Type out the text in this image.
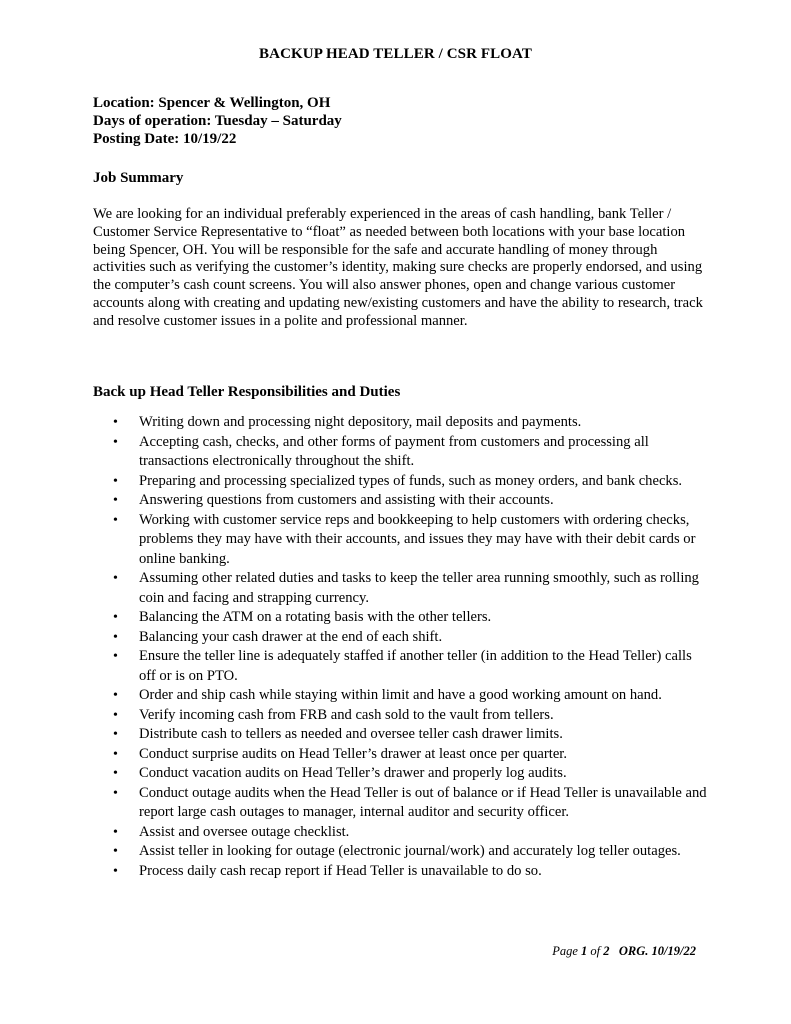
BACKUP HEAD TELLER / CSR FLOAT
Location: Spencer & Wellington, OH
Days of operation: Tuesday – Saturday
Posting Date: 10/19/22
Job Summary

We are looking for an individual preferably experienced in the areas of cash handling, bank Teller / Customer Service Representative to “float” as needed between both locations with your base location being Spencer, OH. You will be responsible for the safe and accurate handling of money through activities such as verifying the customer’s identity, making sure checks are properly endorsed, and using the computer’s cash count screens. You will also answer phones, open and change various customer accounts along with creating and updating new/existing customers and have the ability to research, track and resolve customer issues in a polite and professional manner.

Back up Head Teller Responsibilities and Duties
• Writing down and processing night depository, mail deposits and payments.
• Accepting cash, checks, and other forms of payment from customers and processing all transactions electronically throughout the shift.
• Preparing and processing specialized types of funds, such as money orders, and bank checks.
• Answering questions from customers and assisting with their accounts.
• Working with customer service reps and bookkeeping to help customers with ordering checks, problems they may have with their accounts, and issues they may have with their debit cards or online banking.
• Assuming other related duties and tasks to keep the teller area running smoothly, such as rolling coin and facing and strapping currency.
• Balancing the ATM on a rotating basis with the other tellers.
• Balancing your cash drawer at the end of each shift.
• Ensure the teller line is adequately staffed if another teller (in addition to the Head Teller) calls off or is on PTO.
• Order and ship cash while staying within limit and have a good working amount on hand.
• Verify incoming cash from FRB and cash sold to the vault from tellers.
• Distribute cash to tellers as needed and oversee teller cash drawer limits.
• Conduct surprise audits on Head Teller’s drawer at least once per quarter.
• Conduct vacation audits on Head Teller’s drawer and properly log audits.
• Conduct outage audits when the Head Teller is out of balance or if Head Teller is unavailable and report large cash outages to manager, internal auditor and security officer.
• Assist and oversee outage checklist.
• Assist teller in looking for outage (electronic journal/work) and accurately log teller outages.
• Process daily cash recap report if Head Teller is unavailable to do so.
Page 1 of 2 ORG. 10/19/22
